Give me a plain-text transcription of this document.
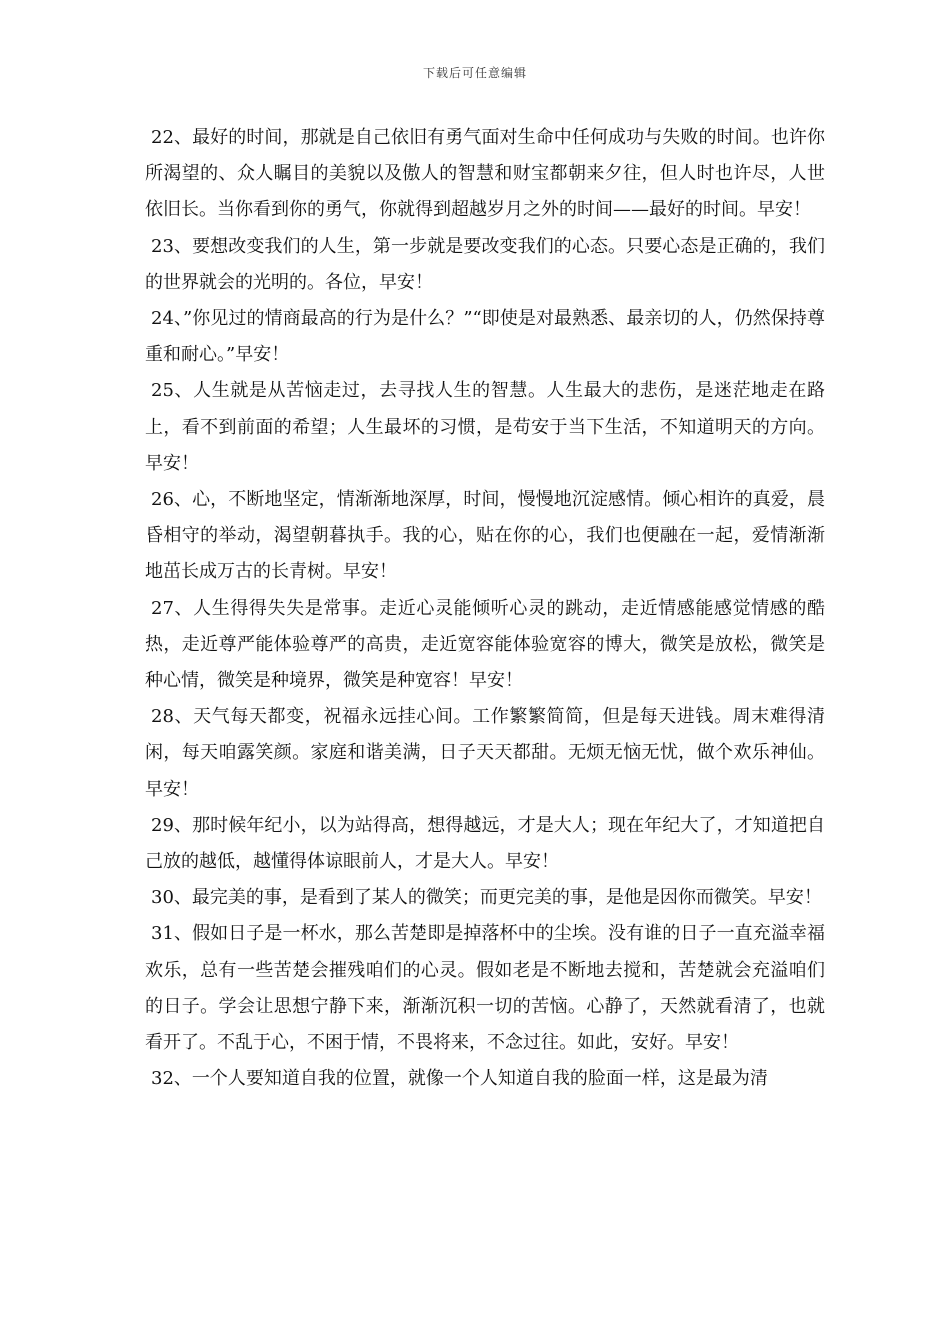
下载后可任意编辑

22、最好的时间，那就是自己依旧有勇气面对生命中任何成功与失败的时间。也许你所渴望的、众人瞩目的美貌以及傲人的智慧和财宝都朝来夕往，但人时也许尽，人世依旧长。当你看到你的勇气，你就得到超越岁月之外的时间——最好的时间。早安！

23、要想改变我们的人生，第一步就是要改变我们的心态。只要心态是正确的，我们的世界就会的光明的。各位，早安！

24、”你见过的情商最高的行为是什么？”“即使是对最熟悉、最亲切的人，仍然保持尊重和耐心。”早安！

25、人生就是从苦恼走过，去寻找人生的智慧。人生最大的悲伤，是迷茫地走在路上，看不到前面的希望；人生最坏的习惯，是苟安于当下生活，不知道明天的方向。早安！

26、心，不断地坚定，情渐渐地深厚，时间，慢慢地沉淀感情。倾心相许的真爱，晨昏相守的举动，渴望朝暮执手。我的心，贴在你的心，我们也便融在一起，爱情渐渐地茁长成万古的长青树。早安！

27、人生得得失失是常事。走近心灵能倾听心灵的跳动，走近情感能感觉情感的酷热，走近尊严能体验尊严的高贵，走近宽容能体验宽容的博大，微笑是放松，微笑是种心情，微笑是种境界，微笑是种宽容！早安！

28、天气每天都变，祝福永远挂心间。工作繁繁简简，但是每天进钱。周末难得清闲，每天咱露笑颜。家庭和谐美满，日子天天都甜。无烦无恼无忧，做个欢乐神仙。早安！

29、那时候年纪小，以为站得高，想得越远，才是大人；现在年纪大了，才知道把自己放的越低，越懂得体谅眼前人，才是大人。早安！

30、最完美的事，是看到了某人的微笑；而更完美的事，是他是因你而微笑。早安！

31、假如日子是一杯水，那么苦楚即是掉落杯中的尘埃。没有谁的日子一直充溢幸福欢乐，总有一些苦楚会摧残咱们的心灵。假如老是不断地去搅和，苦楚就会充溢咱们的日子。学会让思想宁静下来，渐渐沉积一切的苦恼。心静了，天然就看清了，也就看开了。不乱于心，不困于情，不畏将来，不念过往。如此，安好。早安！

32、一个人要知道自我的位置，就像一个人知道自我的脸面一样，这是最为清
